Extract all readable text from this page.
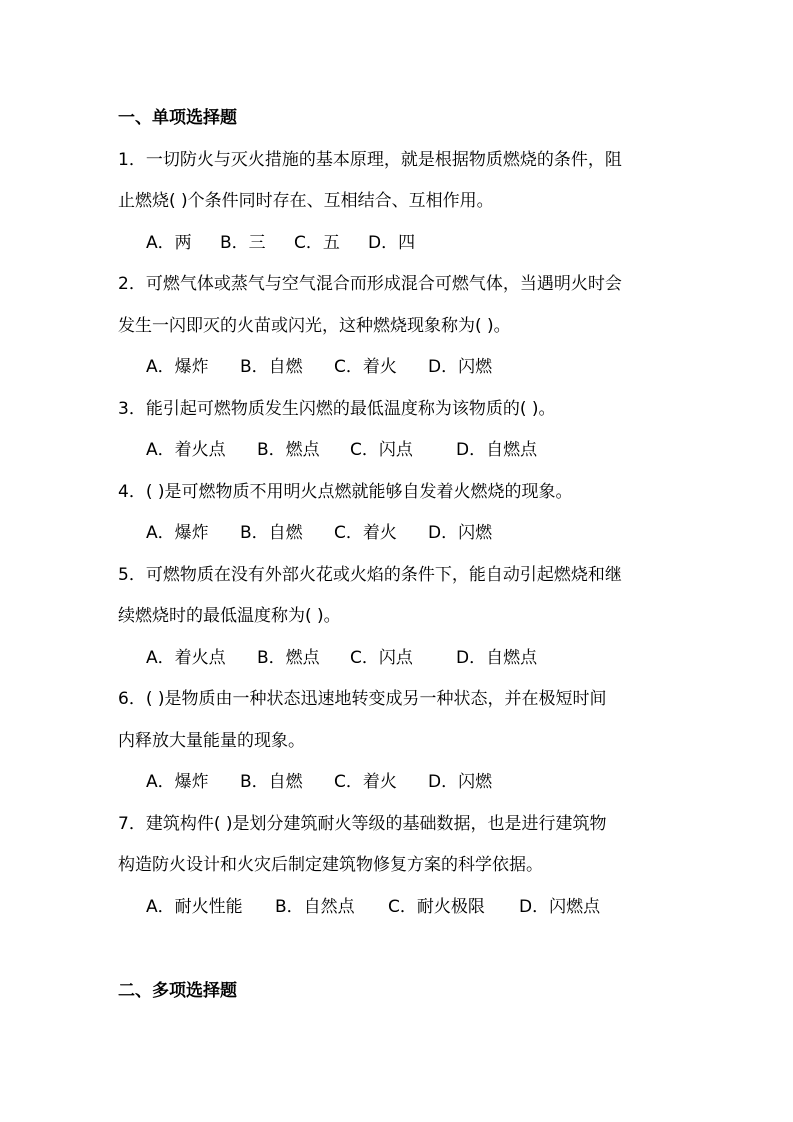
一、单项选择题
1．一切防火与灭火措施的基本原理，就是根据物质燃烧的条件，阻
止燃烧( )个条件同时存在、互相结合、互相作用。
A．两 B．三 C．五 D．四
2．可燃气体或蒸气与空气混合而形成混合可燃气体，当遇明火时会
发生一闪即灭的火苗或闪光，这种燃烧现象称为( )。
A．爆炸 B．自燃 C．着火 D．闪燃
3．能引起可燃物质发生闪燃的最低温度称为该物质的( )。
A．着火点 B．燃点 C．闪点	D．自燃点
4．( )是可燃物质不用明火点燃就能够自发着火燃烧的现象。
A．爆炸 B．自燃 C．着火 D．闪燃
5．可燃物质在没有外部火花或火焰的条件下，能自动引起燃烧和继
续燃烧时的最低温度称为( )。
A．着火点 B．燃点 C．闪点	D．自燃点
6．( )是物质由一种状态迅速地转变成另一种状态，并在极短时间
内释放大量能量的现象。
A．爆炸 B．自燃 C．着火 D．闪燃
7．建筑构件( )是划分建筑耐火等级的基础数据，也是进行建筑物
构造防火设计和火灾后制定建筑物修复方案的科学依据。
A．耐火性能 B．自然点 C．耐火极限 D．闪燃点
二、多项选择题
